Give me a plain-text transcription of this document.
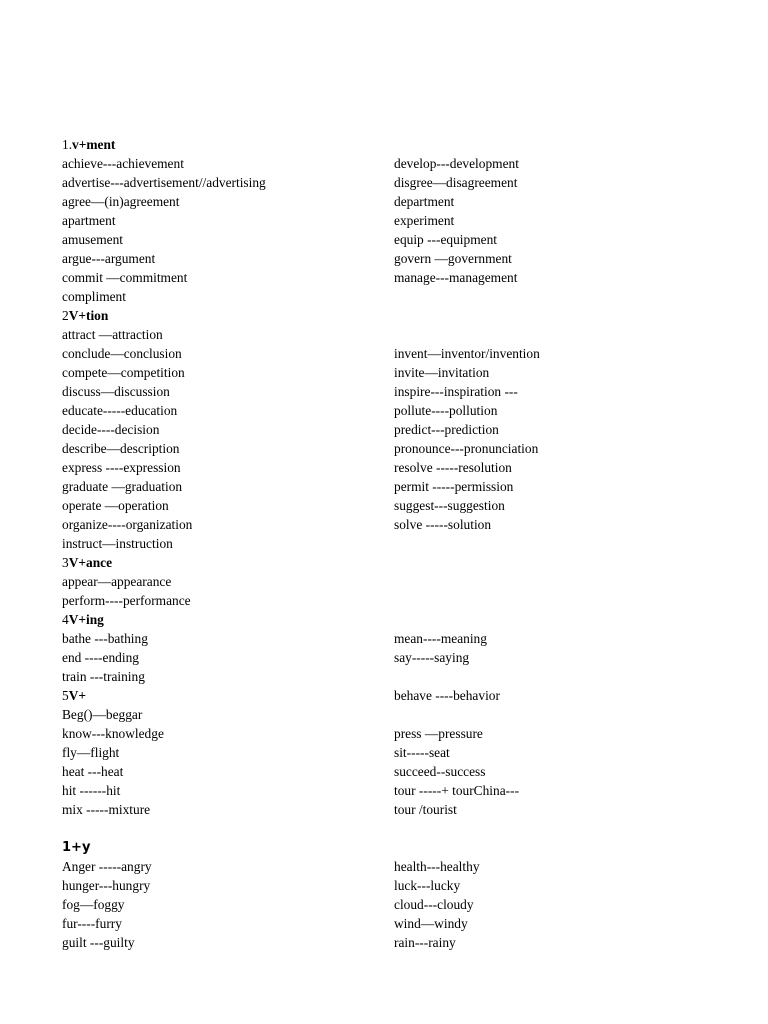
1.v+ment
achieve---achievement
advertise---advertisement//advertising
agree—(in)agreement
apartment
amusement
argue---argument
commit —commitment
compliment
2V+tion
attract —attraction
conclude—conclusion
compete—competition
discuss—discussion
educate-----education
decide----decision
describe—description
express ----expression
graduate —graduation
operate —operation
organize----organization
instruct—instruction
3V+ance
appear—appearance
perform----performance
4V+ing
bathe ---bathing
end ----ending
train ---training
5V+
Beg()—beggar
know---knowledge
fly—flight
heat ---heat
hit ------hit
mix -----mixture
1+y
Anger -----angry
hunger---hungry
fog—foggy
fur----furry
guilt ---guilty
develop---development
disgree—disagreement
department
experiment
equip ---equipment
govern —government
manage---management
invent—inventor/invention
invite—invitation
inspire---inspiration ---
pollute----pollution
predict---prediction
pronounce---pronunciation
resolve -----resolution
permit -----permission
suggest---suggestion
solve -----solution
mean----meaning
say-----saying
behave ----behavior
press —pressure
sit-----seat
succeed--success
tour -----+ tourChina---
tour /tourist
health---healthy
luck---lucky
cloud---cloudy
wind—windy
rain---rainy
